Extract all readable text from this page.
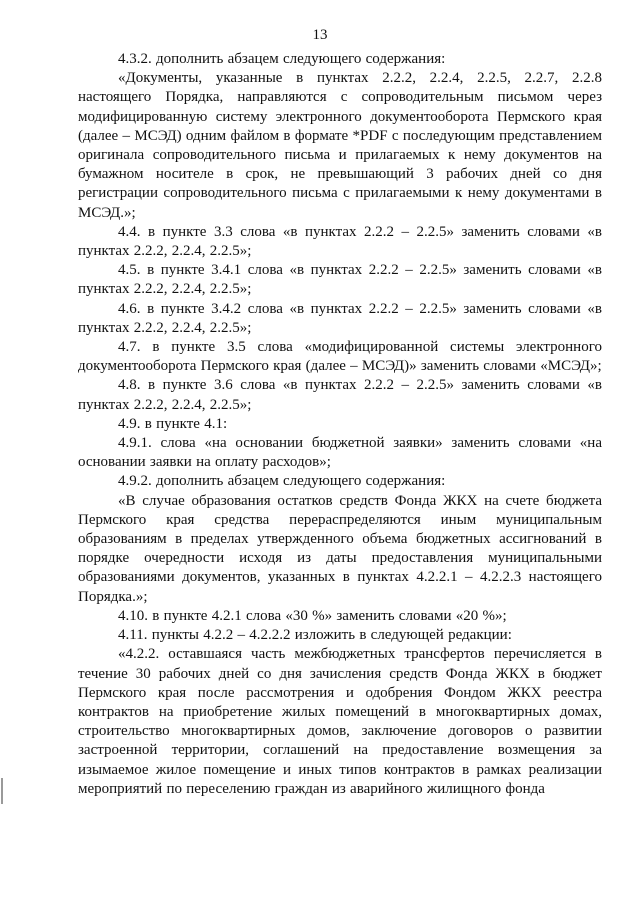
13

4.3.2. дополнить абзацем следующего содержания:

«Документы, указанные в пунктах 2.2.2, 2.2.4, 2.2.5, 2.2.7, 2.2.8 настоящего Порядка, направляются с сопроводительным письмом через модифицированную систему электронного документооборота Пермского края (далее – МСЭД) одним файлом в формате *PDF с последующим представлением оригинала сопроводительного письма и прилагаемых к нему документов на бумажном носителе в срок, не превышающий 3 рабочих дней со дня регистрации сопроводительного письма с прилагаемыми к нему документами в МСЭД.»;

4.4. в пункте 3.3 слова «в пунктах 2.2.2 – 2.2.5» заменить словами «в пунктах 2.2.2, 2.2.4, 2.2.5»;

4.5. в пункте 3.4.1 слова «в пунктах 2.2.2 – 2.2.5» заменить словами «в пунктах 2.2.2, 2.2.4, 2.2.5»;

4.6. в пункте 3.4.2 слова «в пунктах 2.2.2 – 2.2.5» заменить словами «в пунктах 2.2.2, 2.2.4, 2.2.5»;

4.7. в пункте 3.5 слова «модифицированной системы электронного документооборота Пермского края (далее – МСЭД)» заменить словами «МСЭД»;

4.8. в пункте 3.6 слова «в пунктах 2.2.2 – 2.2.5» заменить словами «в пунктах 2.2.2, 2.2.4, 2.2.5»;

4.9. в пункте 4.1:

4.9.1. слова «на основании бюджетной заявки» заменить словами «на основании заявки на оплату расходов»;

4.9.2. дополнить абзацем следующего содержания:

«В случае образования остатков средств Фонда ЖКХ на счете бюджета Пермского края средства перераспределяются иным муниципальным образованиям в пределах утвержденного объема бюджетных ассигнований в порядке очередности исходя из даты предоставления муниципальными образованиями документов, указанных в пунктах 4.2.2.1 – 4.2.2.3 настоящего Порядка.»;

4.10. в пункте 4.2.1 слова «30 %» заменить словами «20 %»;

4.11. пункты 4.2.2 – 4.2.2.2 изложить в следующей редакции:

«4.2.2. оставшаяся часть межбюджетных трансфертов перечисляется в течение 30 рабочих дней со дня зачисления средств Фонда ЖКХ в бюджет Пермского края после рассмотрения и одобрения Фондом ЖКХ реестра контрактов на приобретение жилых помещений в многоквартирных домах, строительство многоквартирных домов, заключение договоров о развитии застроенной территории, соглашений на предоставление возмещения за изымаемое жилое помещение и иных типов контрактов в рамках реализации мероприятий по переселению граждан из аварийного жилищного фонда
